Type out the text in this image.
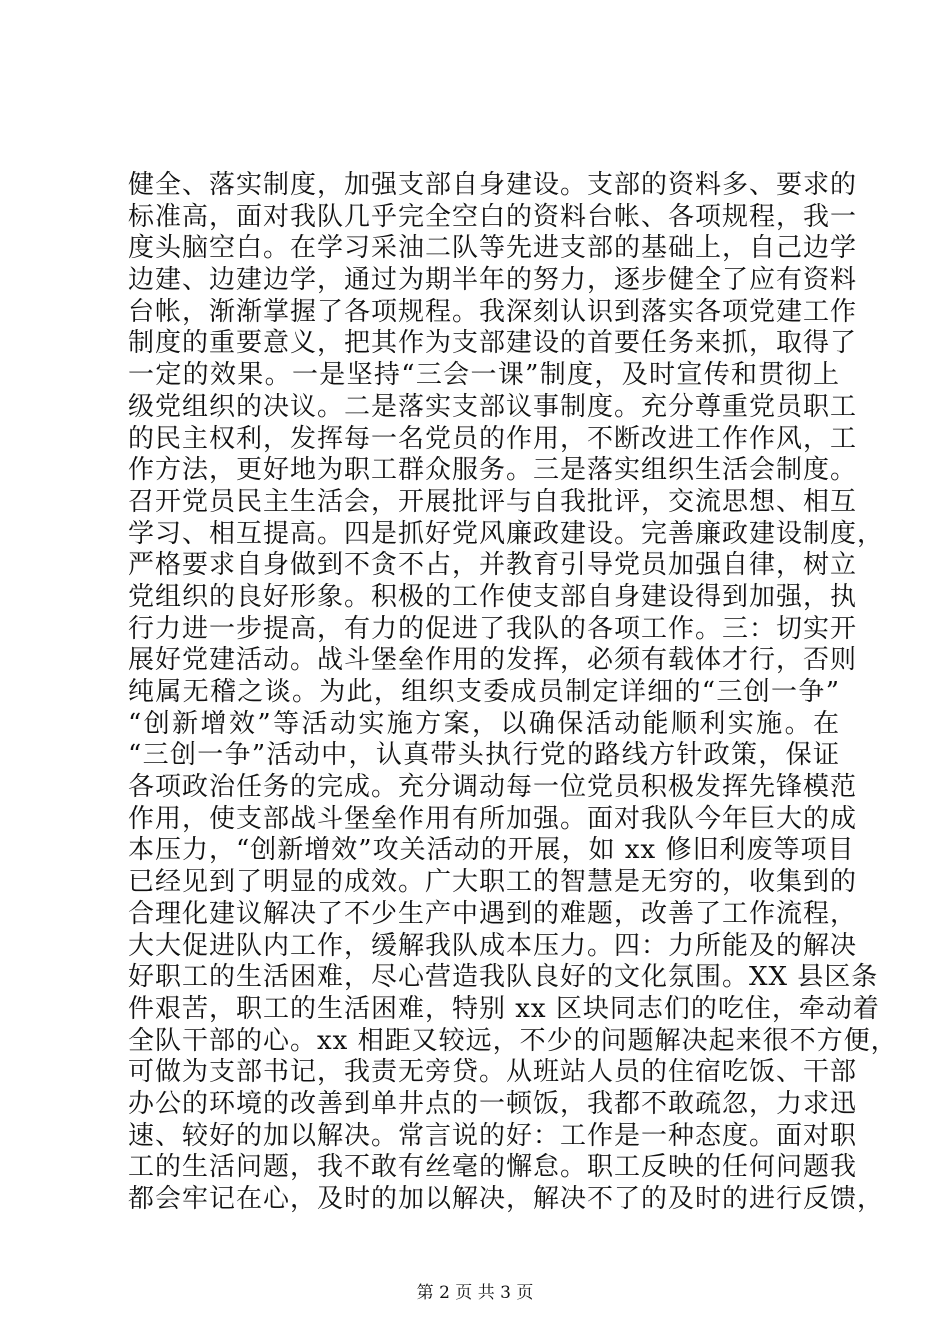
健全、落实制度，加强支部自身建设。支部的资料多、要求的
标准高，面对我队几乎完全空白的资料台帐、各项规程，我一
度头脑空白。在学习采油二队等先进支部的基础上，自己边学
边建、边建边学，通过为期半年的努力，逐步健全了应有资料
台帐，渐渐掌握了各项规程。我深刻认识到落实各项党建工作
制度的重要意义，把其作为支部建设的首要任务来抓，取得了
一定的效果。一是坚持“三会一课”制度，及时宣传和贯彻上
级党组织的决议。二是落实支部议事制度。充分尊重党员职工
的民主权利，发挥每一名党员的作用，不断改进工作作风，工
作方法，更好地为职工群众服务。三是落实组织生活会制度。
召开党员民主生活会，开展批评与自我批评，交流思想、相互
学习、相互提高。四是抓好党风廉政建设。完善廉政建设制度，
严格要求自身做到不贪不占，并教育引导党员加强自律，树立
党组织的良好形象。积极的工作使支部自身建设得到加强，执
行力进一步提高，有力的促进了我队的各项工作。三：切实开
展好党建活动。战斗堡垒作用的发挥，必须有载体才行，否则
纯属无稽之谈。为此，组织支委成员制定详细的“三创一争”
“创新增效”等活动实施方案，以确保活动能顺利实施。在
“三创一争”活动中，认真带头执行党的路线方针政策，保证
各项政治任务的完成。充分调动每一位党员积极发挥先锋模范
作用，使支部战斗堡垒作用有所加强。面对我队今年巨大的成
本压力，“创新增效”攻关活动的开展，如 xx 修旧利废等项目
已经见到了明显的成效。广大职工的智慧是无穷的，收集到的
合理化建议解决了不少生产中遇到的难题，改善了工作流程，
大大促进队内工作，缓解我队成本压力。四：力所能及的解决
好职工的生活困难，尽心营造我队良好的文化氛围。XX 县区条
件艰苦，职工的生活困难，特别 xx 区块同志们的吃住，牵动着
全队干部的心。xx 相距又较远，不少的问题解决起来很不方便，
可做为支部书记，我责无旁贷。从班站人员的住宿吃饭、干部
办公的环境的改善到单井点的一顿饭，我都不敢疏忽，力求迅
速、较好的加以解决。常言说的好：工作是一种态度。面对职
工的生活问题，我不敢有丝毫的懈怠。职工反映的任何问题我
都会牢记在心，及时的加以解决，解决不了的及时的进行反馈，
第 2 页 共 3 页
